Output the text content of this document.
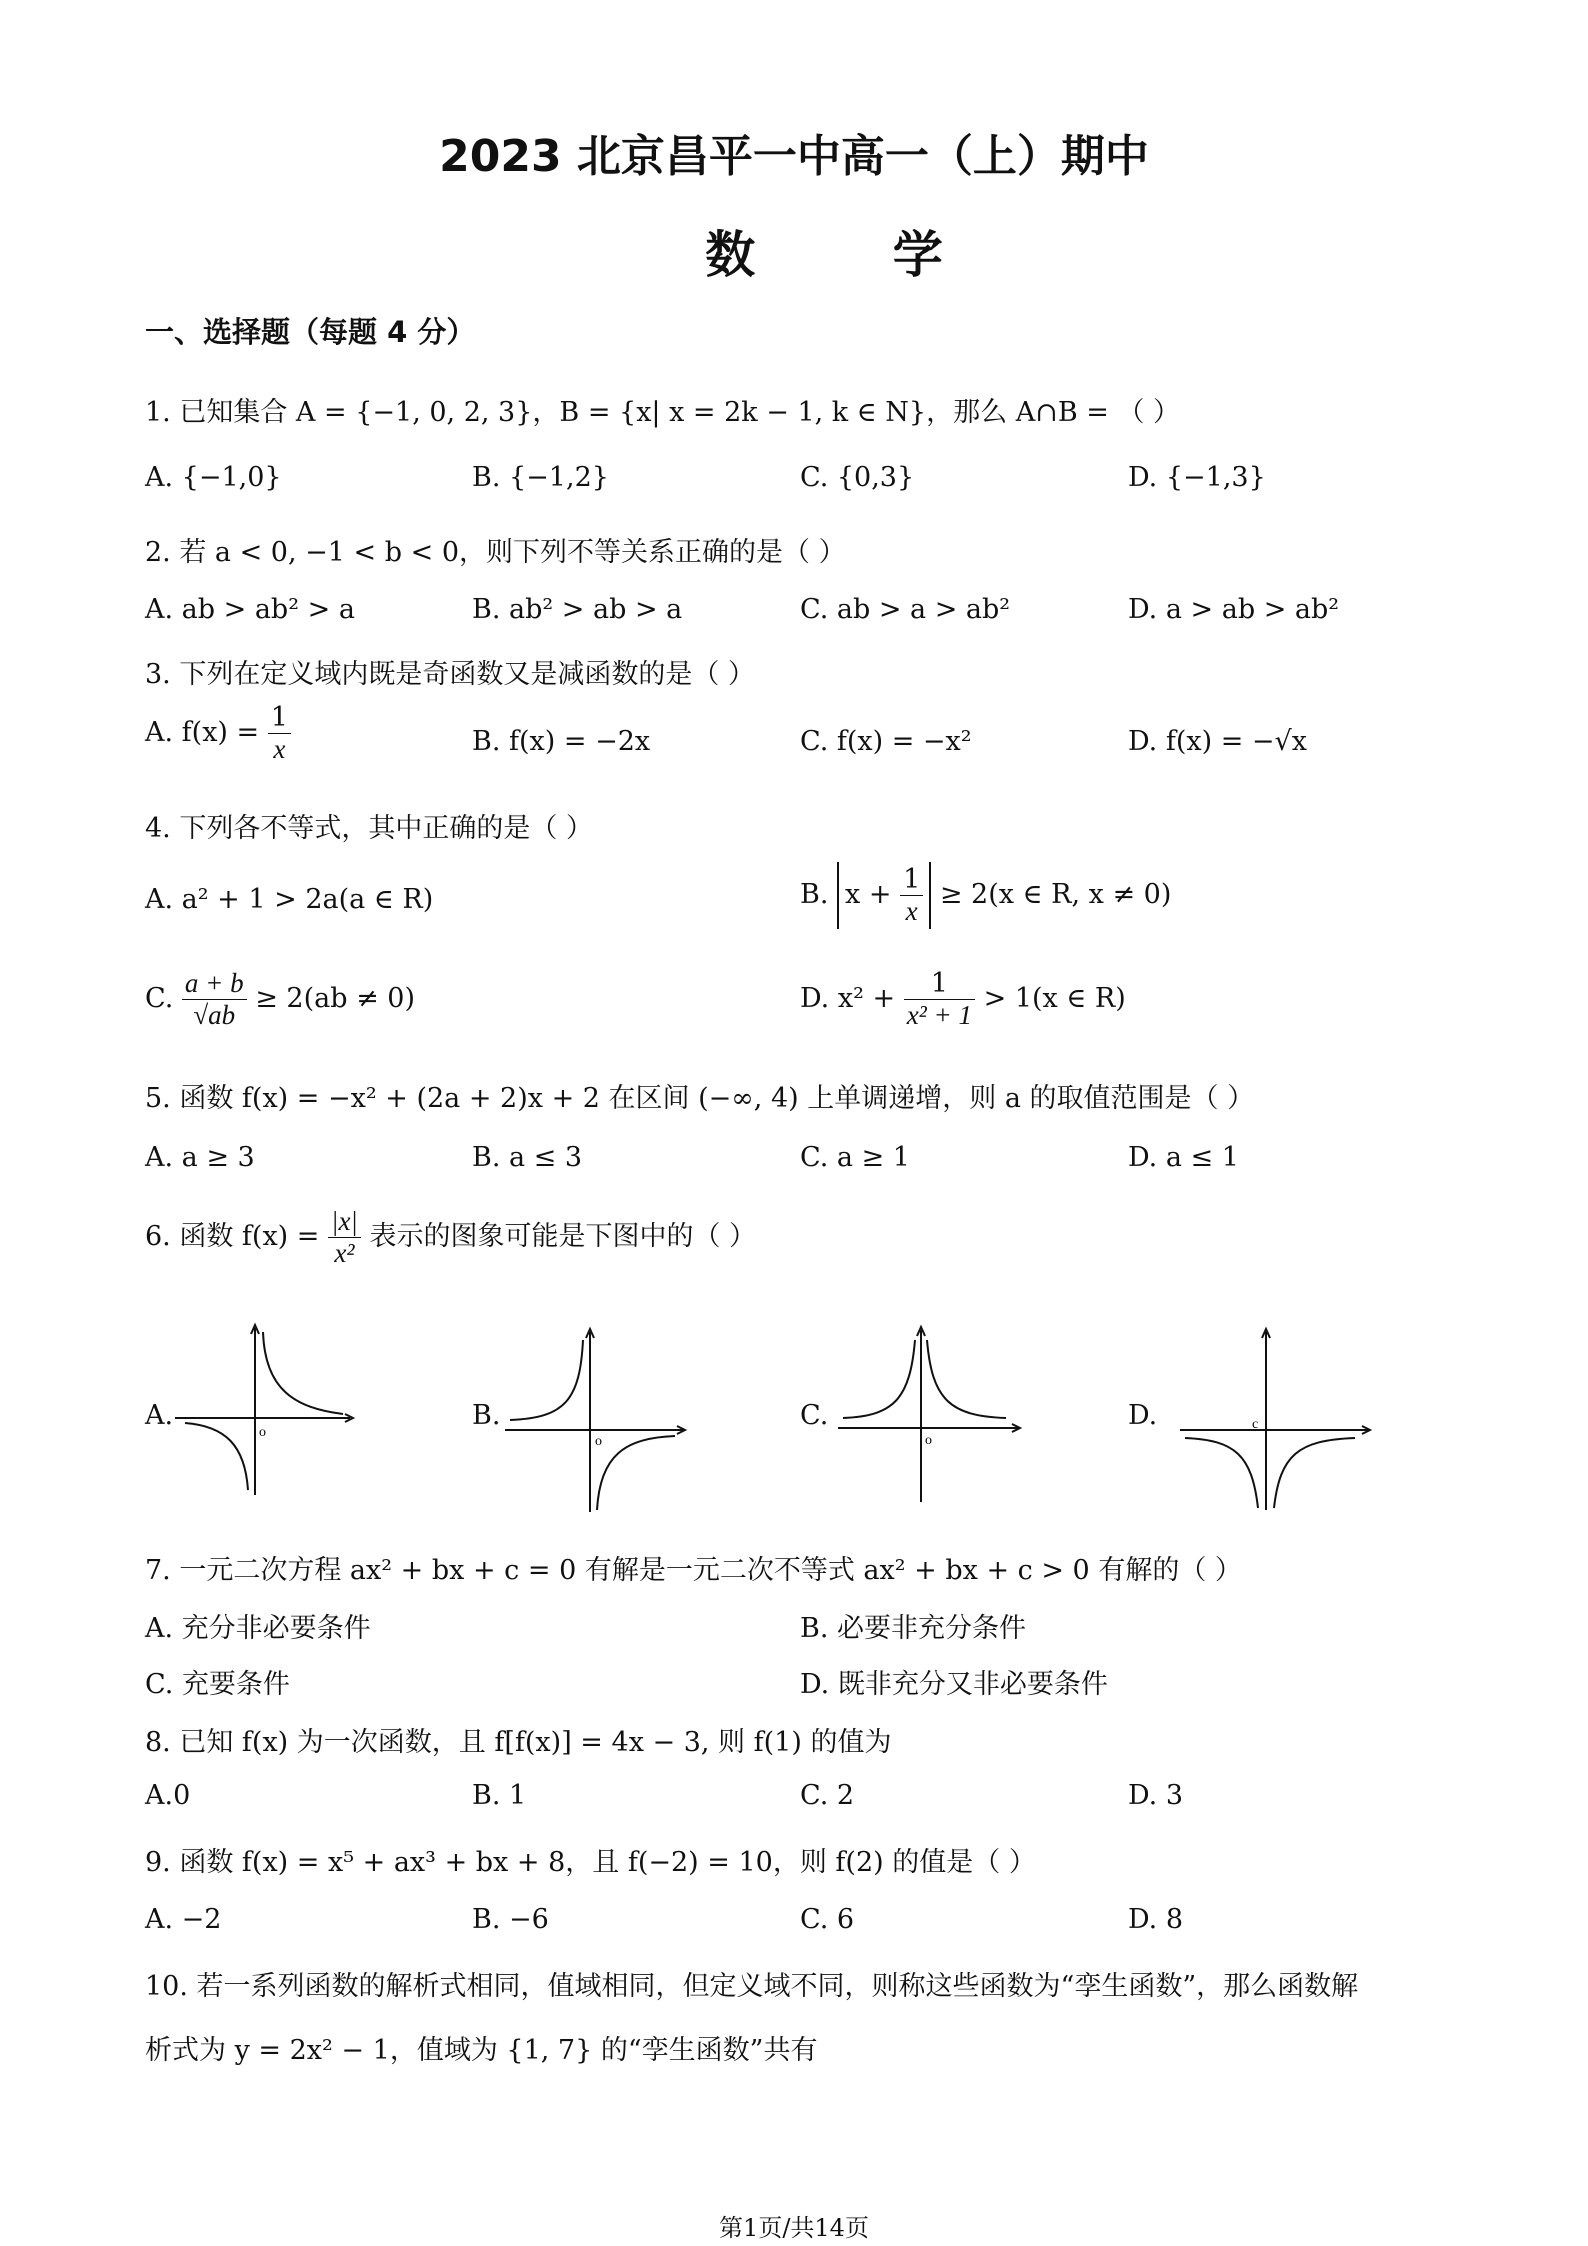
2023 北京昌平一中高一（上）期中
数 学
一、选择题（每题 4 分）
1. 已知集合 A = {−1, 0, 2, 3}，B = {x| x = 2k − 1, k ∈ N}，那么 A∩B = （ ）
A. {−1,0}	B. {−1,2}	C. {0,3}	D. {−1,3}
2. 若 a < 0, −1 < b < 0，则下列不等关系正确的是（ ）
A. ab > ab² > a	B. ab² > ab > a	C. ab > a > ab²	D. a > ab > ab²
3. 下列在定义域内既是奇函数又是减函数的是（ ）
A. $f(x) = \frac{1}{x}$	B. f(x) = −2x	C. f(x) = −x²	D. f(x) = −√x
4. 下列各不等式，其中正确的是（ ）
A. a² + 1 > 2a(a ∈ R)	B. $x + \frac{1}{x} \ge 2(x$ ∈ R, x ≠ 0)
C. $\frac{a + b}{√ab} \ge 2(ab \ne 0)$	D. $x^2 + \frac{1}{\text{x² + 1}} > 1(x$ ∈ R)
5. 函数 f(x) = −x² + (2a + 2)x + 2 在区间 (−∞, 4) 上单调递增，则 a 的取值范围是（ ）
A. a ≥ 3	B. a ≤ 3	C. a ≥ 1	D. a ≤ 1
6. 函数 $f(x) = \frac{|x|}{\text{x²}}$ 表示的图象可能是下图中的（ ）
A.	B.	C.	D.
o
o	o
c
7. 一元二次方程 ax² + bx + c = 0 有解是一元二次不等式 ax² + bx + c > 0 有解的（ ）
A. 充分非必要条件	B. 必要非充分条件
C. 充要条件	D. 既非充分又非必要条件
8. 已知 f(x) 为一次函数，且 f[f(x)] = 4x − 3, 则 f(1) 的值为
A.0	B. 1	C. 2	D. 3
9. 函数 f(x) = x⁵ + ax³ + bx + 8，且 f(−2) = 10，则 f(2) 的值是（ ）
A. −2	B. −6	C. 6	D. 8
10. 若一系列函数的解析式相同，值域相同，但定义域不同，则称这些函数为“孪生函数”，那么函数解
析式为 y = 2x² − 1，值域为 {1, 7} 的“孪生函数”共有
第1页/共14页
